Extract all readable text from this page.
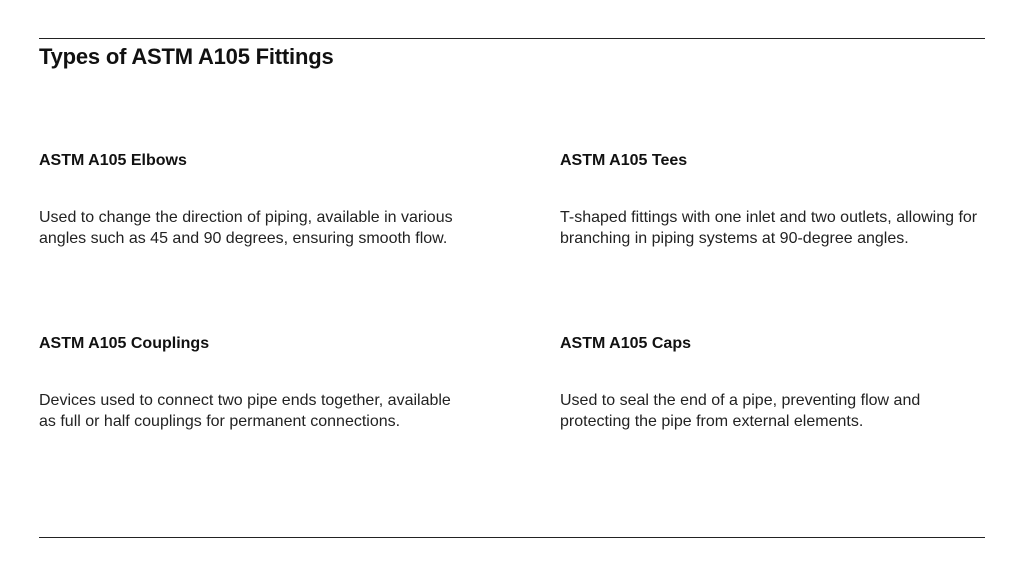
Types of ASTM A105 Fittings
ASTM A105 Elbows

Used to change the direction of piping, available in various angles such as 45 and 90 degrees, ensuring smooth flow.

ASTM A105 Tees

T-shaped fittings with one inlet and two outlets, allowing for branching in piping systems at 90-degree angles.

ASTM A105 Couplings

Devices used to connect two pipe ends together, available as full or half couplings for permanent connections.

ASTM A105 Caps

Used to seal the end of a pipe, preventing flow and protecting the pipe from external elements.
